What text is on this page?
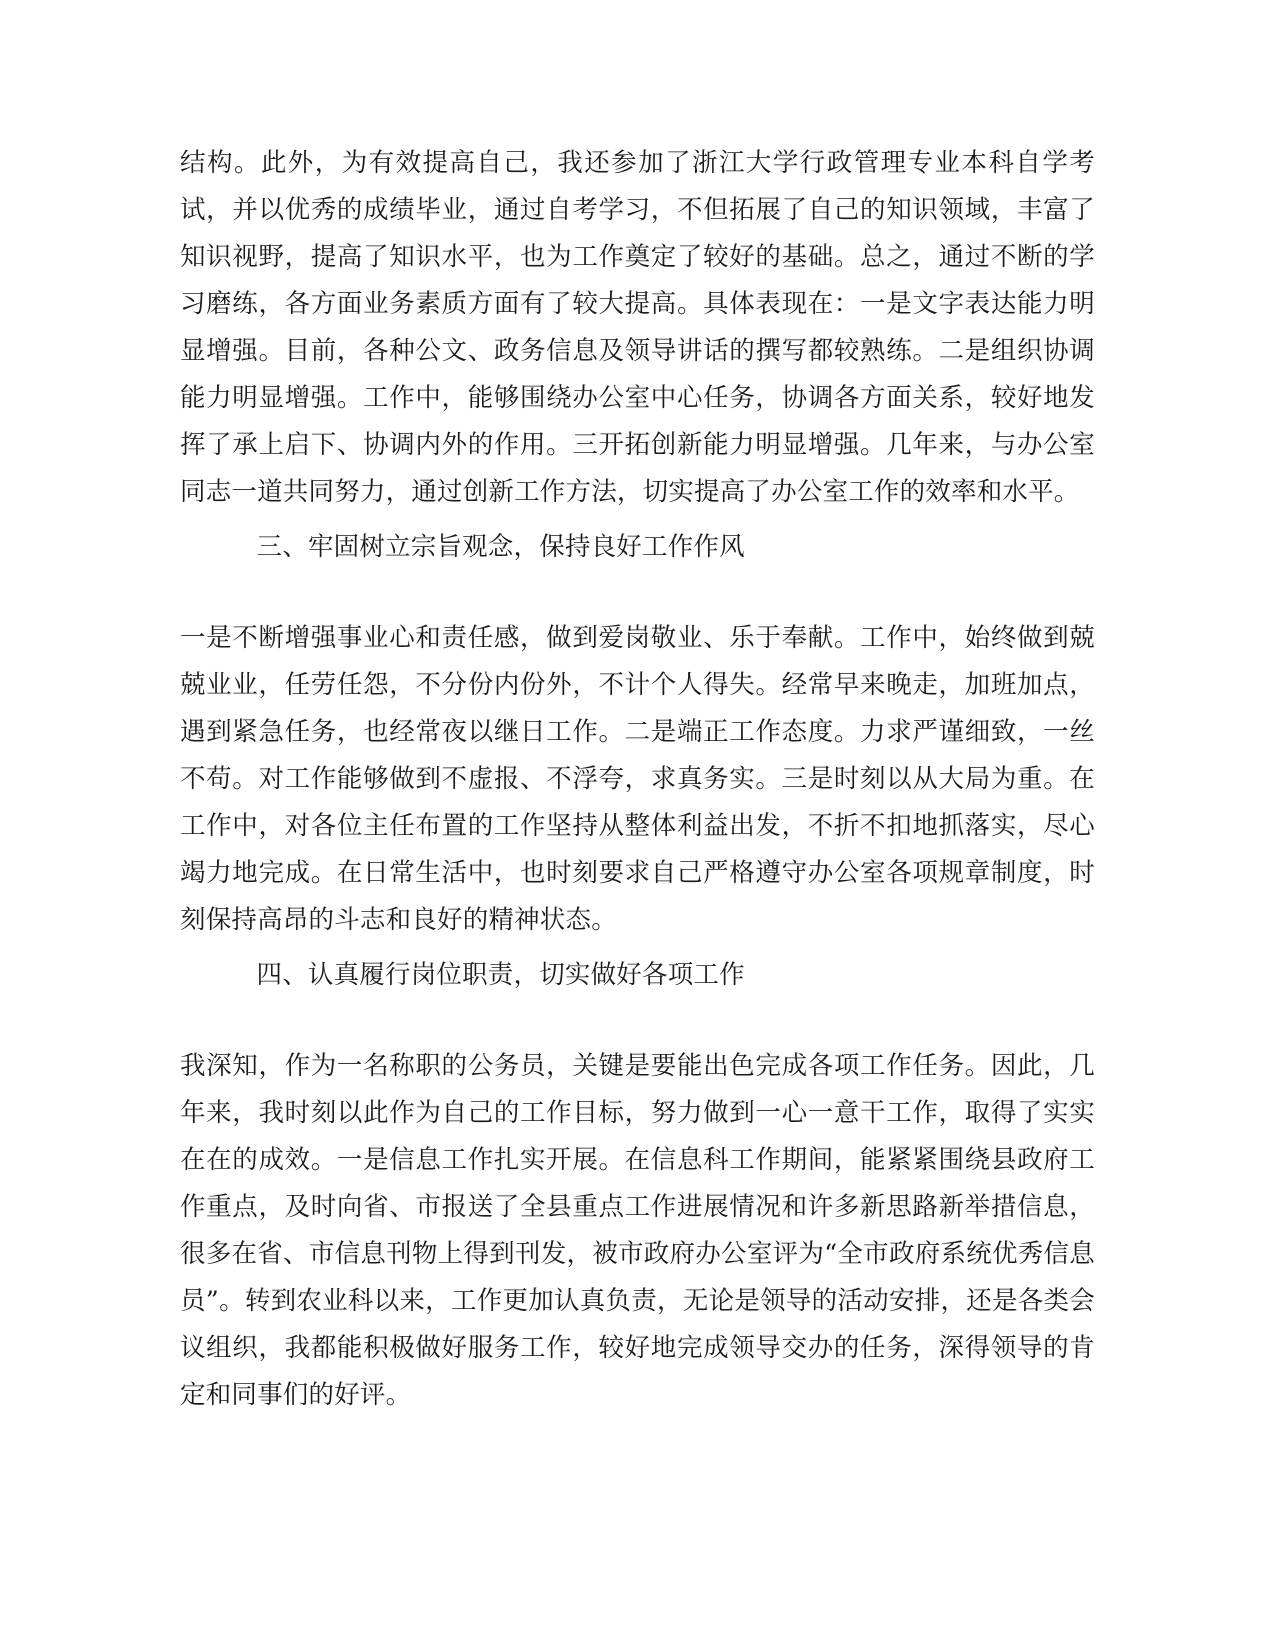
结构。此外，为有效提高自己，我还参加了浙江大学行政管理专业本科自学考试，并以优秀的成绩毕业，通过自考学习，不但拓展了自己的知识领域，丰富了知识视野，提高了知识水平，也为工作奠定了较好的基础。总之，通过不断的学习磨练，各方面业务素质方面有了较大提高。具体表现在：一是文字表达能力明显增强。目前，各种公文、政务信息及领导讲话的撰写都较熟练。二是组织协调能力明显增强。工作中，能够围绕办公室中心任务，协调各方面关系，较好地发挥了承上启下、协调内外的作用。三开拓创新能力明显增强。几年来，与办公室同志一道共同努力，通过创新工作方法，切实提高了办公室工作的效率和水平。

三、牢固树立宗旨观念，保持良好工作作风

一是不断增强事业心和责任感，做到爱岗敬业、乐于奉献。工作中，始终做到兢兢业业，任劳任怨，不分份内份外，不计个人得失。经常早来晚走，加班加点，遇到紧急任务，也经常夜以继日工作。二是端正工作态度。力求严谨细致，一丝不苟。对工作能够做到不虚报、不浮夸，求真务实。三是时刻以从大局为重。在工作中，对各位主任布置的工作坚持从整体利益出发，不折不扣地抓落实，尽心竭力地完成。在日常生活中，也时刻要求自己严格遵守办公室各项规章制度，时刻保持高昂的斗志和良好的精神状态。

四、认真履行岗位职责，切实做好各项工作

我深知，作为一名称职的公务员，关键是要能出色完成各项工作任务。因此，几年来，我时刻以此作为自己的工作目标，努力做到一心一意干工作，取得了实实在在的成效。一是信息工作扎实开展。在信息科工作期间，能紧紧围绕县政府工作重点，及时向省、市报送了全县重点工作进展情况和许多新思路新举措信息，很多在省、市信息刊物上得到刊发，被市政府办公室评为“全市政府系统优秀信息员”。转到农业科以来，工作更加认真负责，无论是领导的活动安排，还是各类会议组织，我都能积极做好服务工作，较好地完成领导交办的任务，深得领导的肯定和同事们的好评。
